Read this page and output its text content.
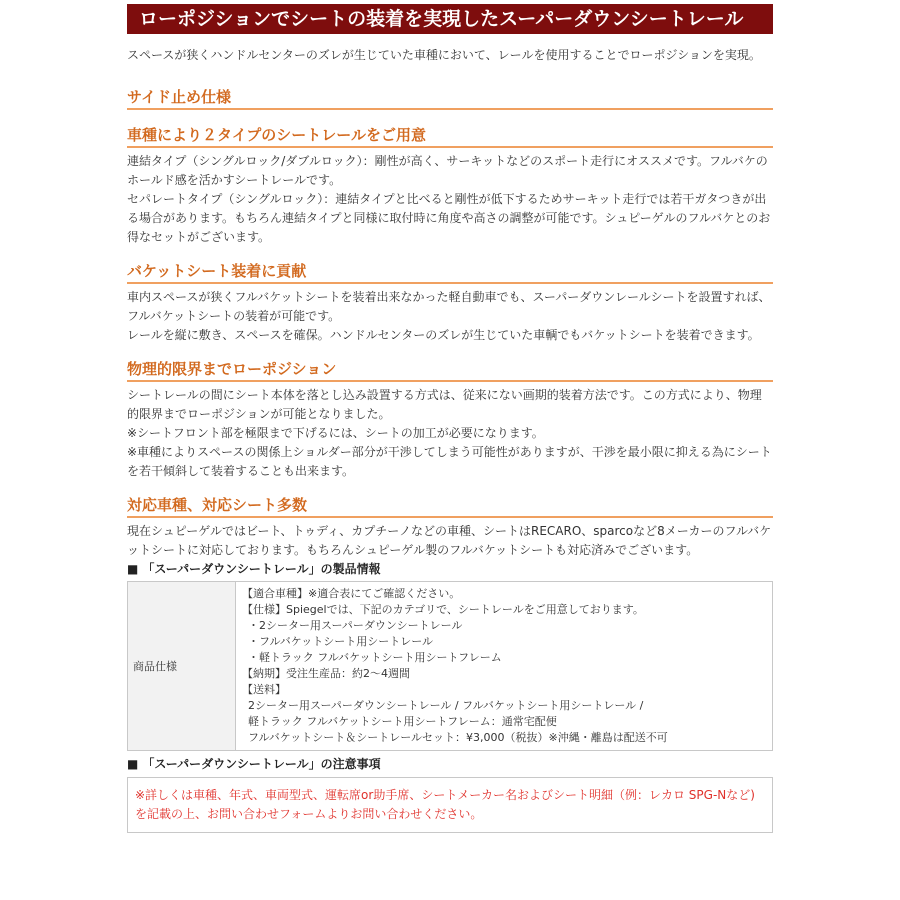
ローポジションでシートの装着を実現したスーパーダウンシートレール

スペースが狭くハンドルセンターのズレが生じていた車種において、レールを使用することでローポジションを実現。

サイド止め仕様
車種により２タイプのシートレールをご用意

連結タイプ（シングルロック/ダブルロック）：剛性が高く、サーキットなどのスポート走行にオススメです。フルバケのホールド感を活かすシートレールです。

セパレートタイプ（シングルロック）：連結タイプと比べると剛性が低下するためサーキット走行では若干ガタつきが出る場合があります。もちろん連結タイプと同様に取付時に角度や高さの調整が可能です。シュピーゲルのフルバケとのお得なセットがございます。

バケットシート装着に貢献

車内スペースが狭くフルバケットシートを装着出来なかった軽自動車でも、スーパーダウンレールシートを設置すれば、フルバケットシートの装着が可能です。

レールを縦に敷き、スペースを確保。ハンドルセンターのズレが生じていた車輌でもバケットシートを装着できます。

物理的限界までローポジション

シートレールの間にシート本体を落とし込み設置する方式は、従来にない画期的装着方法です。この方式により、物理的限界までローポジションが可能となりました。

※シートフロント部を極限まで下げるには、シートの加工が必要になります。

※車種によりスペースの関係上ショルダー部分が干渉してしまう可能性がありますが、干渉を最小限に抑える為にシートを若干傾斜して装着することも出来ます。

対応車種、対応シート多数

現在シュピーゲルではビート、トゥディ、カプチーノなどの車種、シートはRECARO、sparcoなど8メーカーのフルバケットシートに対応しております。もちろんシュピーゲル製のフルバケットシートも対応済みでございます。

■ 「スーパーダウンシートレール」の製品情報
商品仕様	
【適合車種】※適合表にてご確認ください。
【仕様】Spiegelでは、下記のカテゴリで、シートレールをご用意しております。
・2シーター用スーパーダウンシートレール
・フルバケットシート用シートレール
・軽トラック フルバケットシート用シートフレーム
【納期】受注生産品：約2～4週間
【送料】
2シーター用スーパーダウンシートレール / フルバケットシート用シートレール /
軽トラック フルバケットシート用シートフレーム：通常宅配便
フルバケットシート＆シートレールセット：¥3,000（税抜）※沖縄・離島は配送不可
■ 「スーパーダウンシートレール」の注意事項
※詳しくは車種、年式、車両型式、運転席or助手席、シートメーカー名およびシート明細（例：レカロ SPG-Nなど)を記載の上、お問い合わせフォームよりお問い合わせください。
